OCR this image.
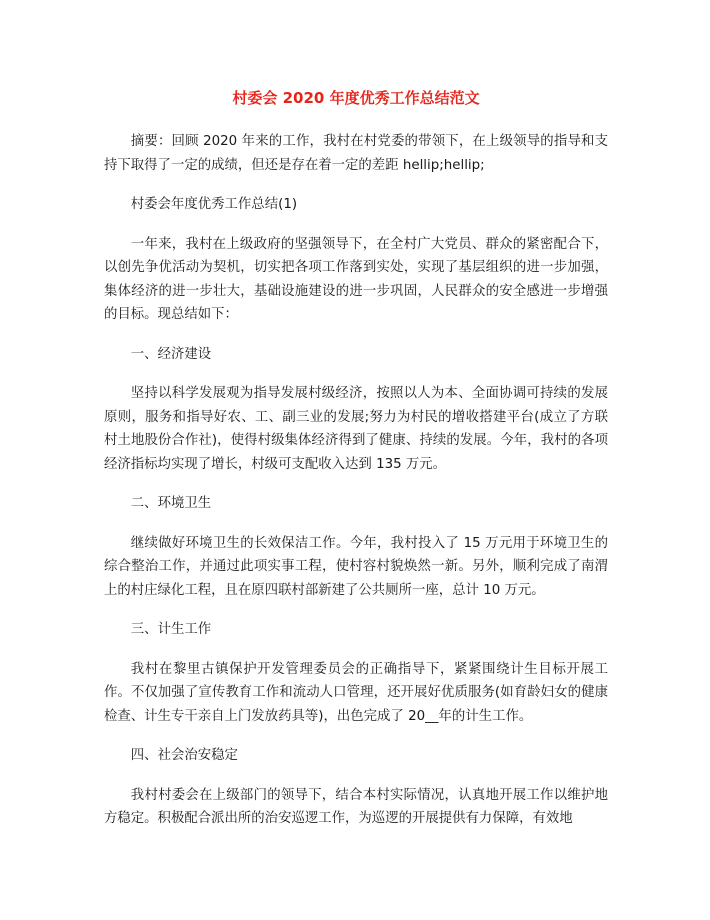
村委会 2020 年度优秀工作总结范文

摘要：回顾 2020 年来的工作，我村在村党委的带领下，在上级领导的指导和支持下取得了一定的成绩，但还是存在着一定的差距 hellip;hellip;

村委会年度优秀工作总结(1)

一年来，我村在上级政府的坚强领导下，在全村广大党员、群众的紧密配合下，以创先争优活动为契机，切实把各项工作落到实处，实现了基层组织的进一步加强，集体经济的进一步壮大，基础设施建设的进一步巩固，人民群众的安全感进一步增强的目标。现总结如下：

一、经济建设

坚持以科学发展观为指导发展村级经济，按照以人为本、全面协调可持续的发展原则，服务和指导好农、工、副三业的发展;努力为村民的增收搭建平台(成立了方联村土地股份合作社)，使得村级集体经济得到了健康、持续的发展。今年，我村的各项经济指标均实现了增长，村级可支配收入达到 135 万元。

二、环境卫生

继续做好环境卫生的长效保洁工作。今年，我村投入了 15 万元用于环境卫生的综合整治工作，并通过此项实事工程，使村容村貌焕然一新。另外，顺利完成了南渭上的村庄绿化工程，且在原四联村部新建了公共厕所一座，总计 10 万元。

三、计生工作

我村在黎里古镇保护开发管理委员会的正确指导下，紧紧围绕计生目标开展工作。不仅加强了宣传教育工作和流动人口管理，还开展好优质服务(如育龄妇女的健康检查、计生专干亲自上门发放药具等)，出色完成了 20__年的计生工作。

四、社会治安稳定

我村村委会在上级部门的领导下，结合本村实际情况，认真地开展工作以维护地方稳定。积极配合派出所的治安巡逻工作，为巡逻的开展提供有力保障，有效地
